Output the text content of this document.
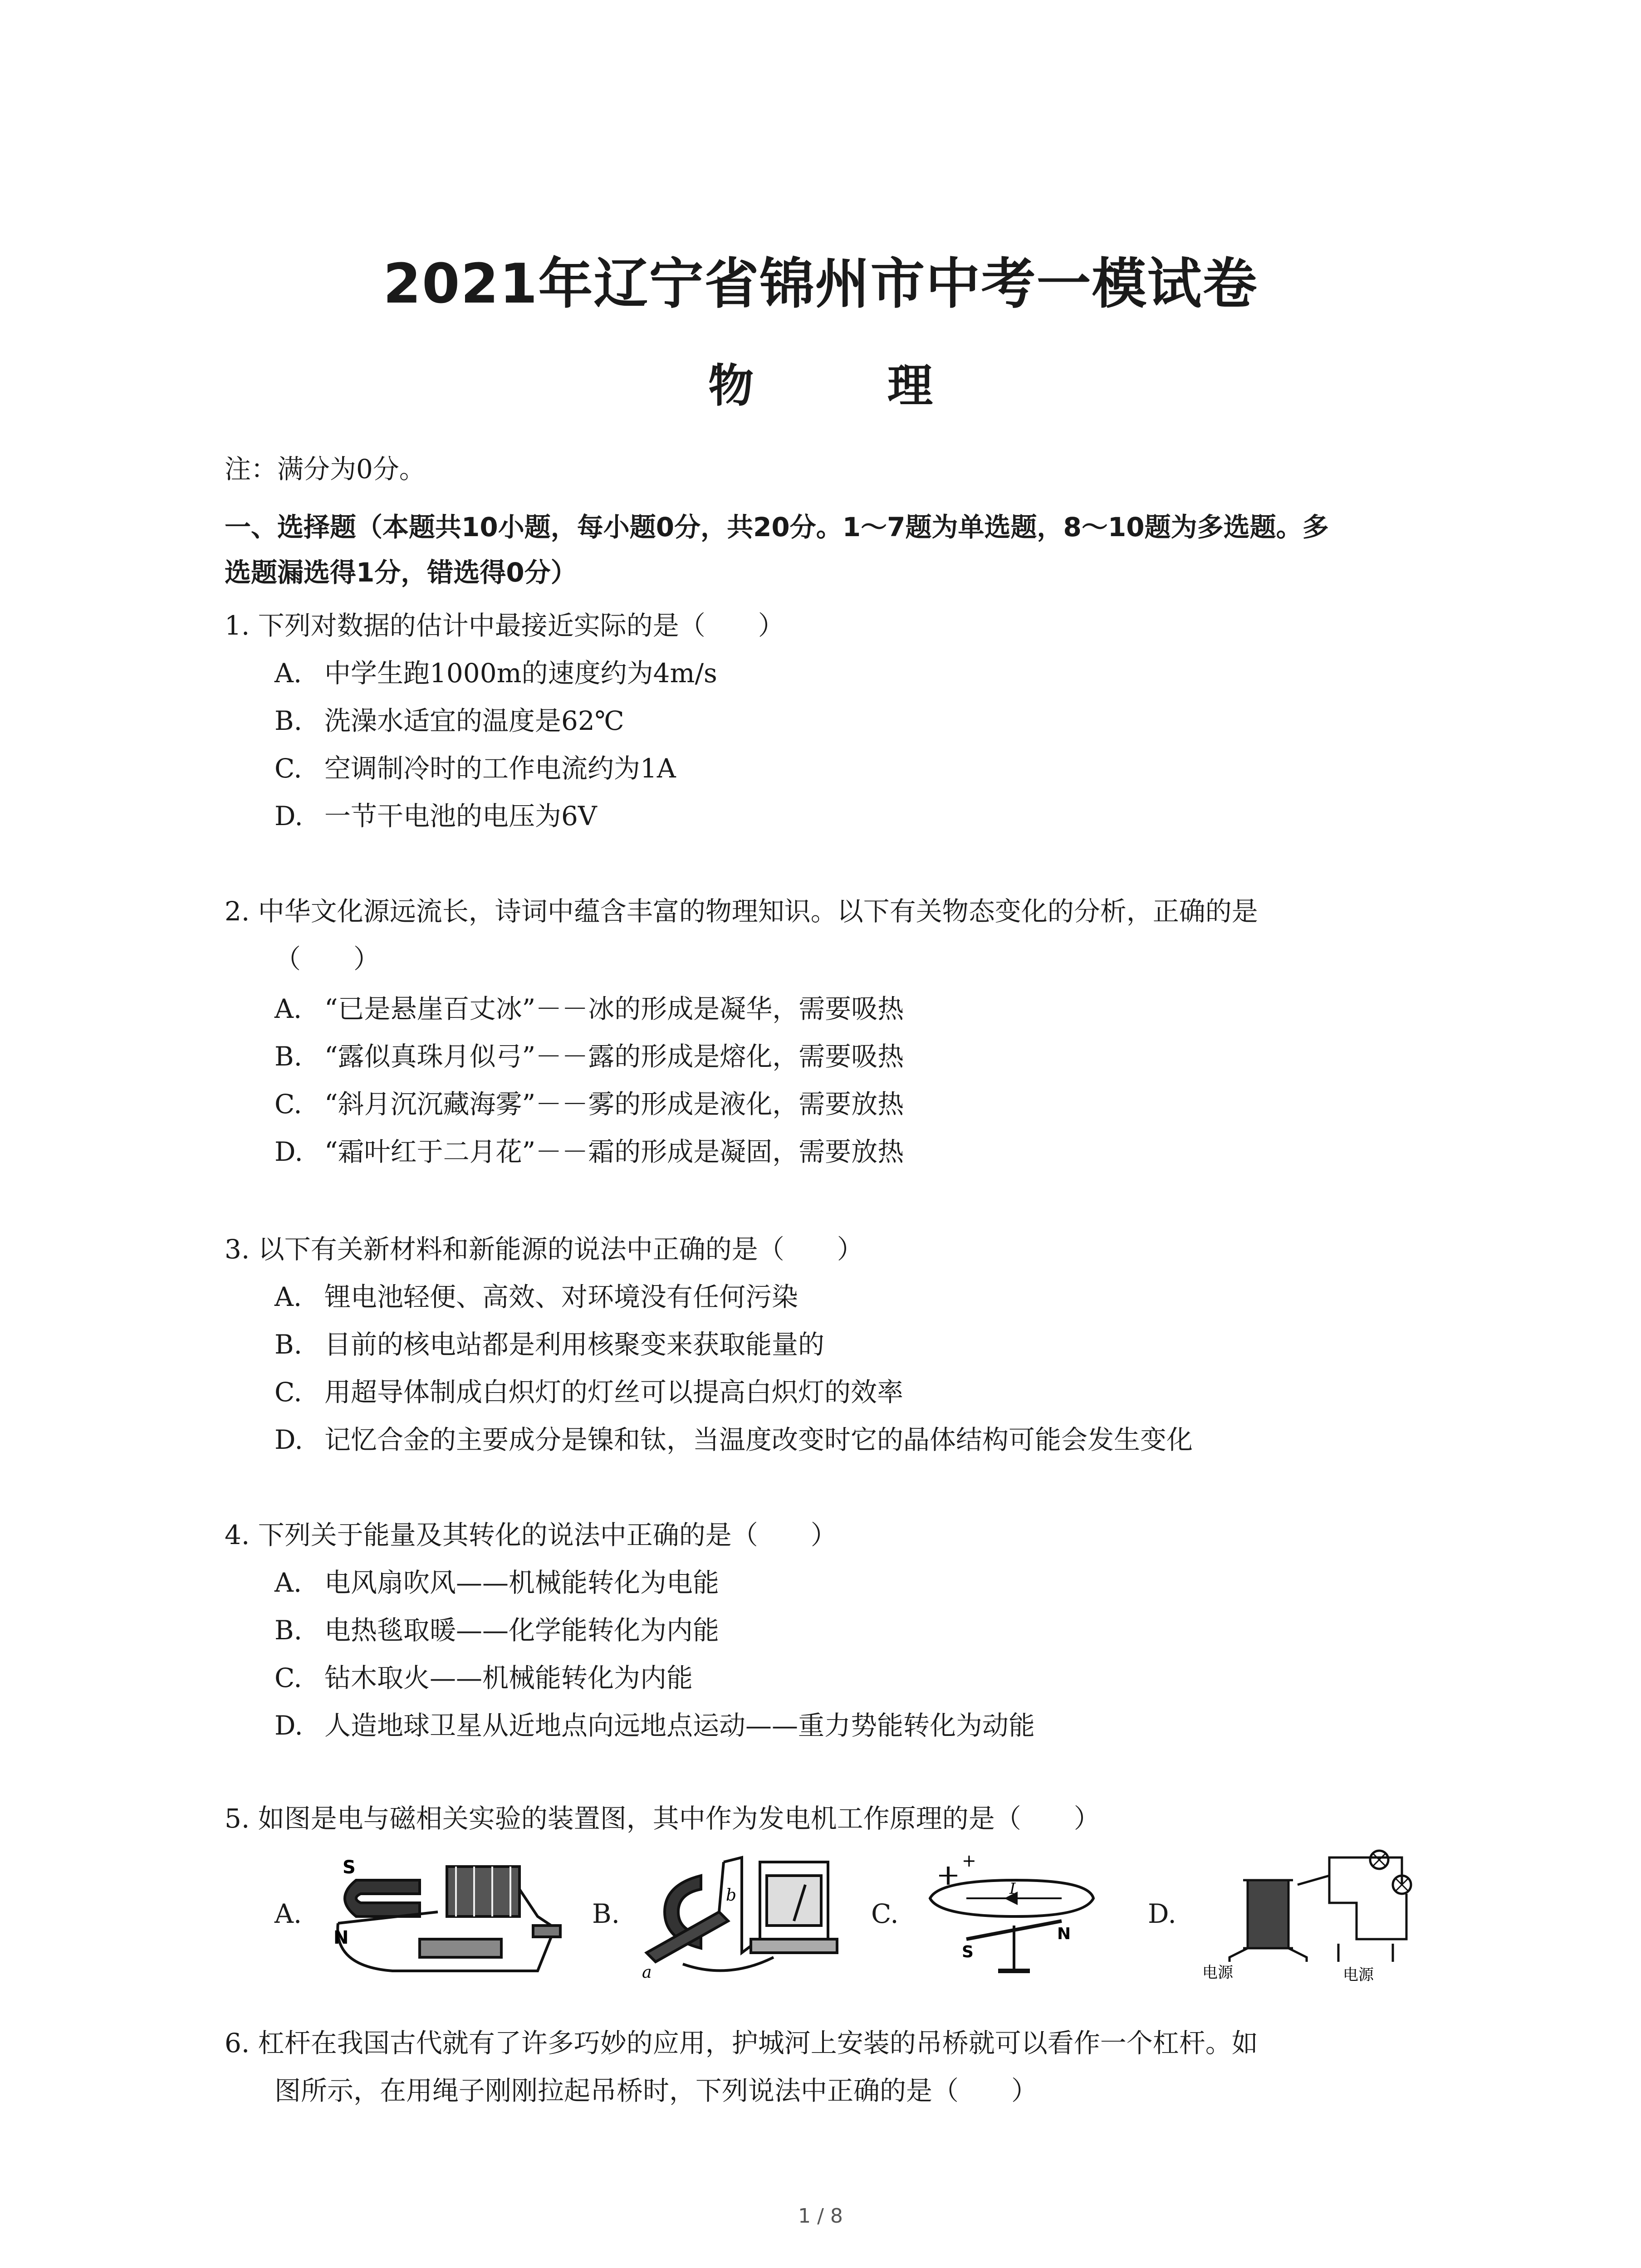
2021年辽宁省锦州市中考一模试卷
物 理
注：满分为0分。
一、选择题（本题共10小题，每小题0分，共20分。1～7题为单选题，8～10题为多选题。多
选题漏选得1分，错选得0分）
1. 下列对数据的估计中最接近实际的是（　　）
A. 中学生跑1000m的速度约为4m/s
B. 洗澡水适宜的温度是62℃
C. 空调制冷时的工作电流约为1A
D. 一节干电池的电压为6V
2. 中华文化源远流长，诗词中蕴含丰富的物理知识。以下有关物态变化的分析，正确的是
（　　）
A. “已是悬崖百丈冰”－－冰的形成是凝华，需要吸热
B. “露似真珠月似弓”－－露的形成是熔化，需要吸热
C. “斜月沉沉藏海雾”－－雾的形成是液化，需要放热
D. “霜叶红于二月花”－－霜的形成是凝固，需要放热
3. 以下有关新材料和新能源的说法中正确的是（　　）
A. 锂电池轻便、高效、对环境没有任何污染
B. 目前的核电站都是利用核聚变来获取能量的
C. 用超导体制成白炽灯的灯丝可以提高白炽灯的效率
D. 记忆合金的主要成分是镍和钛，当温度改变时它的晶体结构可能会发生变化
4. 下列关于能量及其转化的说法中正确的是（　　）
A. 电风扇吹风——机械能转化为电能
B. 电热毯取暖——化学能转化为内能
C. 钻木取火——机械能转化为内能
D. 人造地球卫星从近地点向远地点运动——重力势能转化为动能
5. 如图是电与磁相关实验的装置图，其中作为发电机工作原理的是（　　）
A.
S
N
B.
b
a
C.
+
I
S
N
D.
电源	电源
6. 杠杆在我国古代就有了许多巧妙的应用，护城河上安装的吊桥就可以看作一个杠杆。如
图所示，在用绳子刚刚拉起吊桥时，下列说法中正确的是（　　）
1 / 8
